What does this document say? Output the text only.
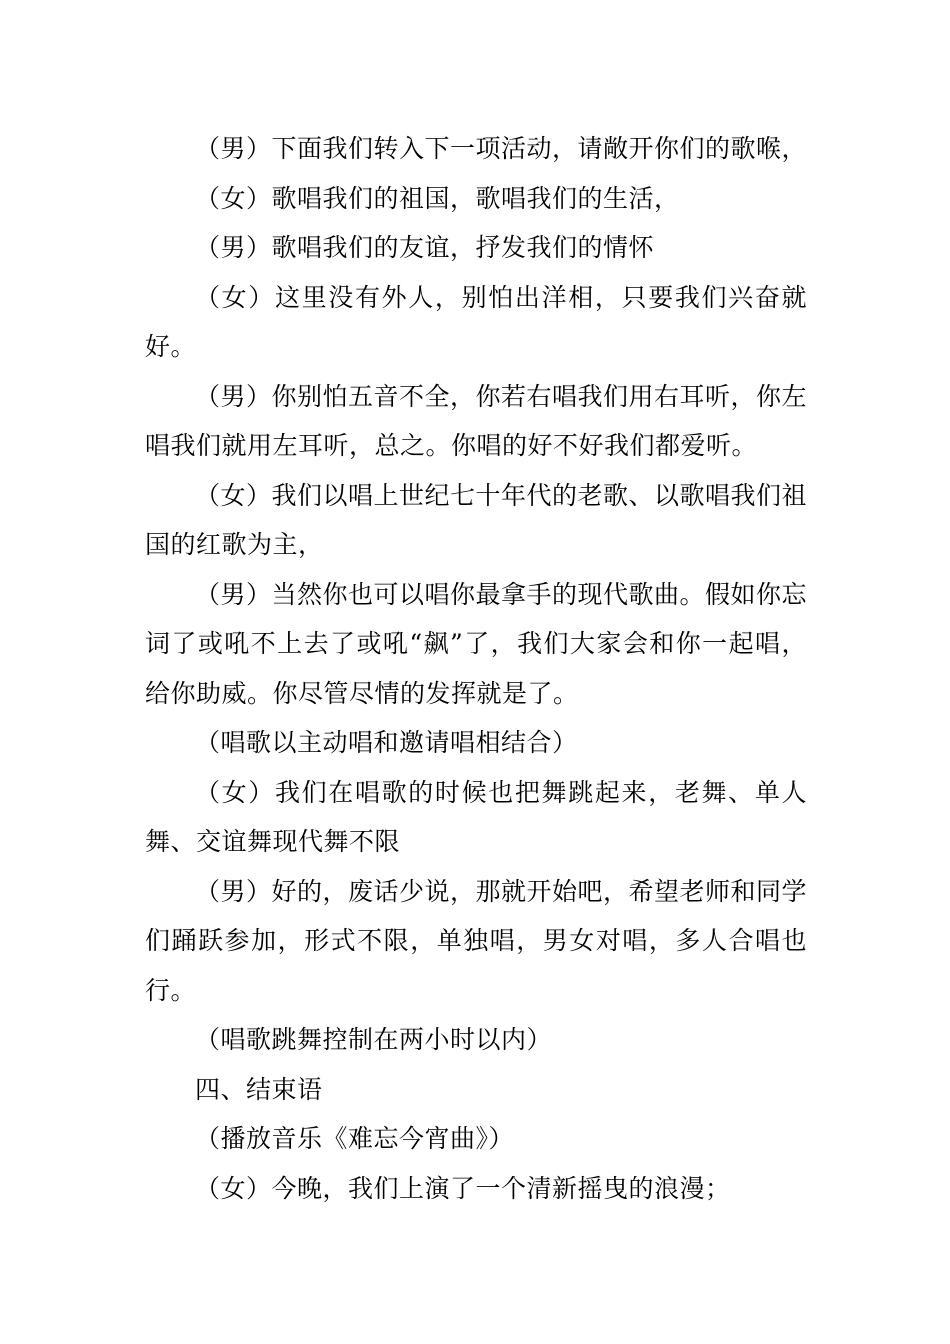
（男）下面我们转入下一项活动，请敞开你们的歌喉，

（女）歌唱我们的祖国，歌唱我们的生活，

（男）歌唱我们的友谊，抒发我们的情怀

（女）这里没有外人，别怕出洋相，只要我们兴奋就好。

（男）你别怕五音不全，你若右唱我们用右耳听，你左唱我们就用左耳听，总之。你唱的好不好我们都爱听。

（女）我们以唱上世纪七十年代的老歌、以歌唱我们祖国的红歌为主，

（男）当然你也可以唱你最拿手的现代歌曲。假如你忘词了或吼不上去了或吼“飙”了，我们大家会和你一起唱，给你助威。你尽管尽情的发挥就是了。

（唱歌以主动唱和邀请唱相结合）

（女）我们在唱歌的时候也把舞跳起来，老舞、单人舞、交谊舞现代舞不限

（男）好的，废话少说，那就开始吧，希望老师和同学们踊跃参加，形式不限，单独唱，男女对唱，多人合唱也行。

（唱歌跳舞控制在两小时以内）

四、结束语

（播放音乐《难忘今宵曲》）

（女）今晚，我们上演了一个清新摇曳的浪漫；
